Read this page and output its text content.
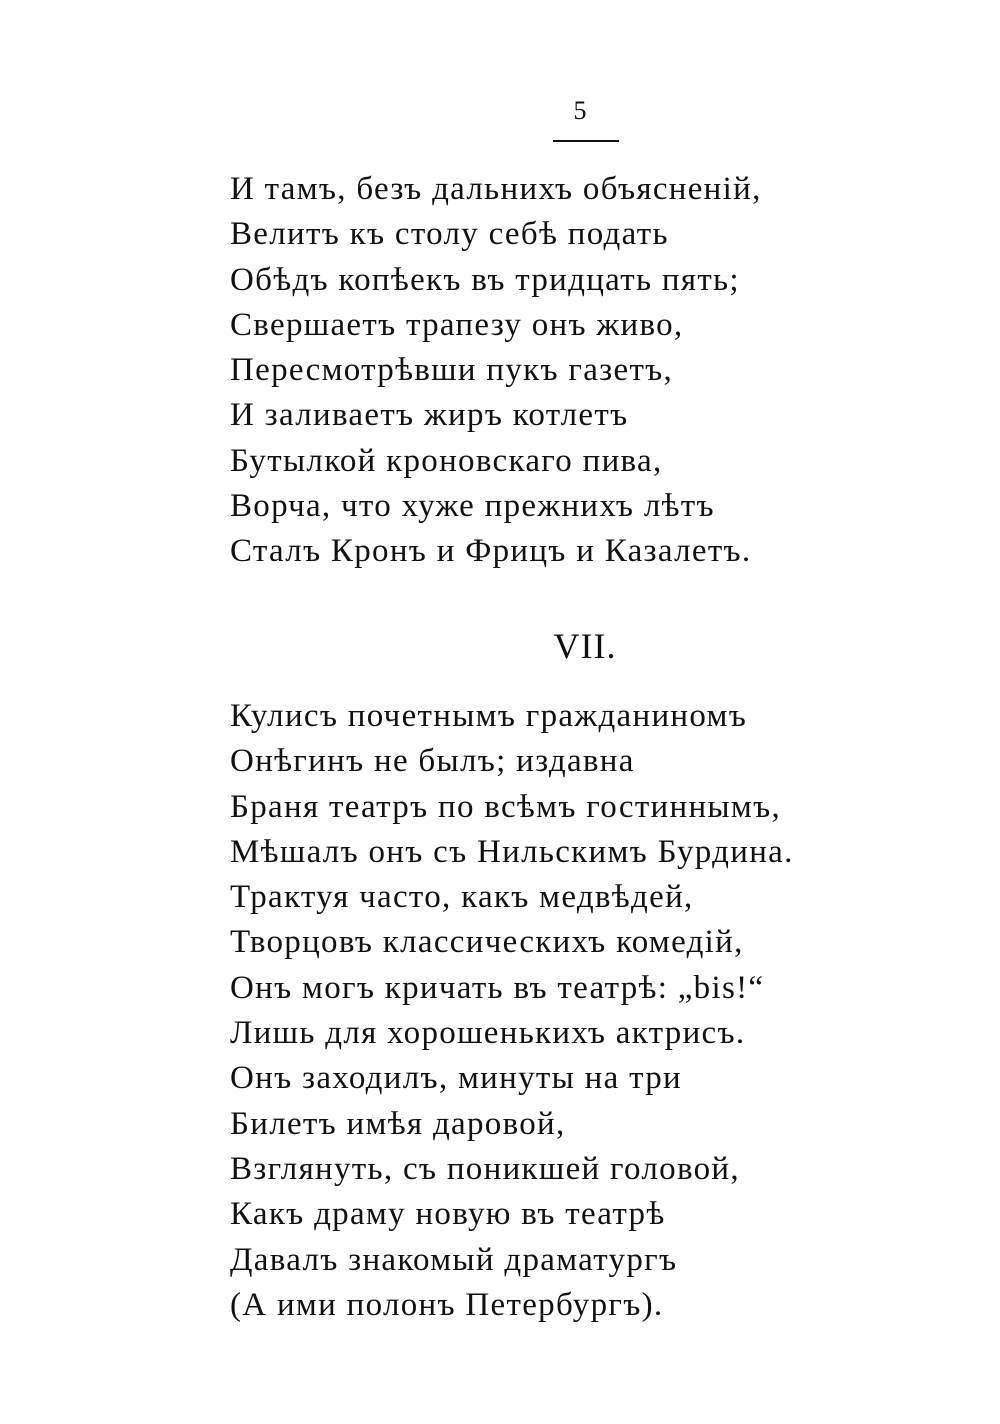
5
И тамъ, безъ дальнихъ объясненій,
Велитъ къ столу себѣ подать
Обѣдъ копѣекъ въ тридцать пять;
Свершаетъ трапезу онъ живо,
Пересмотрѣвши пукъ газетъ,
И заливаетъ жиръ котлетъ
Бутылкой кроновскаго пива,
Ворча, что хуже прежнихъ лѣтъ
Сталъ Кронъ и Фрицъ и Казалетъ.
VII.
Кулисъ почетнымъ гражданиномъ
Онѣгинъ не былъ; издавна
Браня театръ по всѣмъ гостиннымъ,
Мѣшалъ онъ съ Нильскимъ Бурдина.
Трактуя часто, какъ медвѣдей,
Творцовъ классическихъ комедій,
Онъ могъ кричать въ театрѣ: „bis!“
Лишь для хорошенькихъ актрисъ.
Онъ заходилъ, минуты на три
Билетъ имѣя даровой,
Взглянуть, съ поникшей головой,
Какъ драму новую въ театрѣ
Давалъ знакомый драматургъ
(А ими полонъ Петербургъ).
